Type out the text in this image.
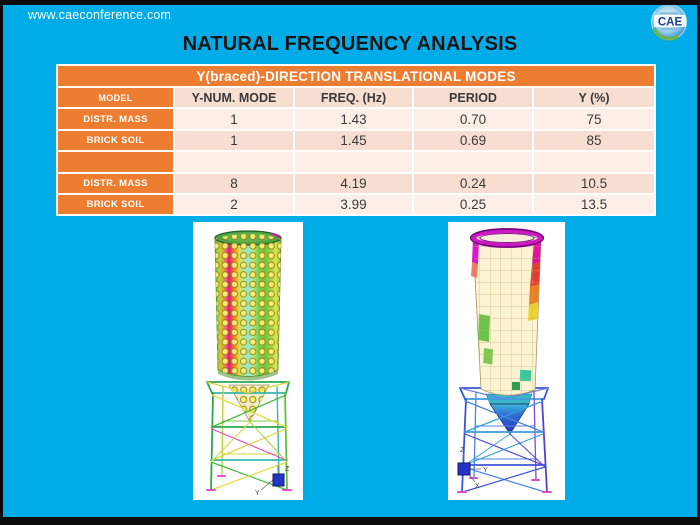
www.caeconference.com
CAE
NATURAL FREQUENCY ANALYSIS
Y(braced)-DIRECTION TRANSLATIONAL MODES
MODEL	Y-NUM. MODE	FREQ. (Hz)	PERIOD	Y (%)
DISTR. MASS	1	1.43	0.70	75
BRICK SOIL	1	1.45	0.69	85
DISTR. MASS	8	4.19	0.24	10.5
BRICK SOIL	2	3.99	0.25	13.5
Z
Y
Z
Y
X
